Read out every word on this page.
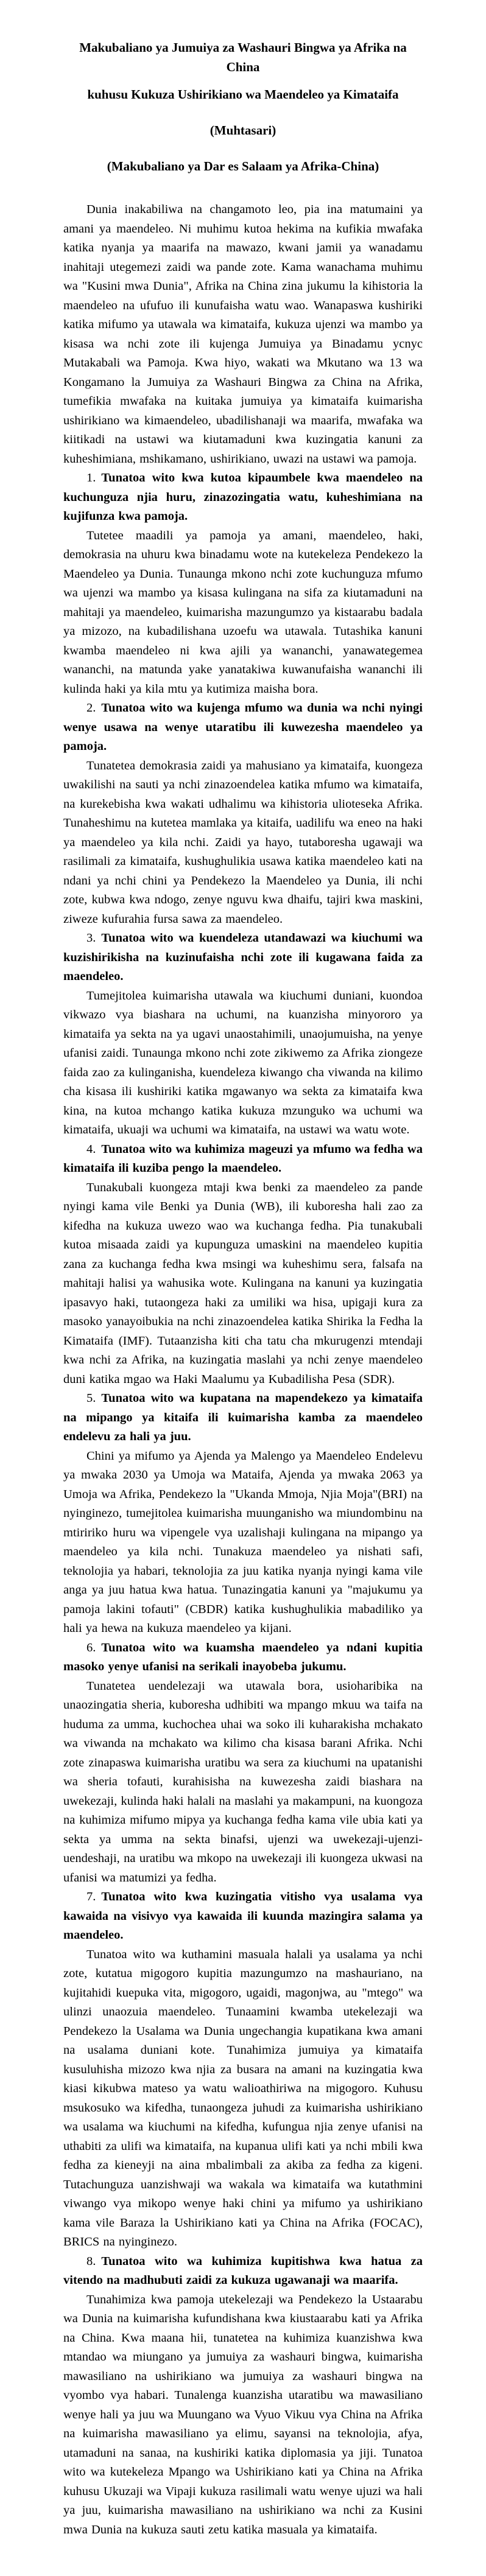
Makubaliano ya Jumuiya za Washauri Bingwa ya Afrika na China
kuhusu Kukuza Ushirikiano wa Maendeleo ya Kimataifa
(Muhtasari)
(Makubaliano ya Dar es Salaam ya Afrika-China)

Dunia inakabiliwa na changamoto leo, pia ina matumaini ya amani ya maendeleo. Ni muhimu kutoa hekima na kufikia mwafaka katika nyanja ya maarifa na mawazo, kwani jamii ya wanadamu inahitaji utegemezi zaidi wa pande zote. Kama wanachama muhimu wa "Kusini mwa Dunia", Afrika na China zina jukumu la kihistoria la maendeleo na ufufuo ili kunufaisha watu wao. Wanapaswa kushiriki katika mifumo ya utawala wa kimataifa, kukuza ujenzi wa mambo ya kisasa wa nchi zote ili kujenga Jumuiya ya Binadamu ycnyc Mutakabali wa Pamoja. Kwa hiyo, wakati wa Mkutano wa 13 wa Kongamano la Jumuiya za Washauri Bingwa za China na Afrika, tumefikia mwafaka na kuitaka jumuiya ya kimataifa kuimarisha ushirikiano wa kimaendeleo, ubadilishanaji wa maarifa, mwafaka wa kiitikadi na ustawi wa kiutamaduni kwa kuzingatia kanuni za kuheshimiana, mshikamano, ushirikiano, uwazi na ustawi wa pamoja.

1. Tunatoa wito kwa kutoa kipaumbele kwa maendeleo na kuchunguza njia huru, zinazozingatia watu, kuheshimiana na kujifunza kwa pamoja.

Tutetee maadili ya pamoja ya amani, maendeleo, haki, demokrasia na uhuru kwa binadamu wote na kutekeleza Pendekezo la Maendeleo ya Dunia. Tunaunga mkono nchi zote kuchunguza mfumo wa ujenzi wa mambo ya kisasa kulingana na sifa za kiutamaduni na mahitaji ya maendeleo, kuimarisha mazungumzo ya kistaarabu badala ya mizozo, na kubadilishana uzoefu wa utawala. Tutashika kanuni kwamba maendeleo ni kwa ajili ya wananchi, yanawategemea wananchi, na matunda yake yanatakiwa kuwanufaisha wananchi ili kulinda haki ya kila mtu ya kutimiza maisha bora.

2. Tunatoa wito wa kujenga mfumo wa dunia wa nchi nyingi wenye usawa na wenye utaratibu ili kuwezesha maendeleo ya pamoja.

Tunatetea demokrasia zaidi ya mahusiano ya kimataifa, kuongeza uwakilishi na sauti ya nchi zinazoendelea katika mfumo wa kimataifa, na kurekebisha kwa wakati udhalimu wa kihistoria ulioteseka Afrika. Tunaheshimu na kutetea mamlaka ya kitaifa, uadilifu wa eneo na haki ya maendeleo ya kila nchi. Zaidi ya hayo, tutaboresha ugawaji wa rasilimali za kimataifa, kushughulikia usawa katika maendeleo kati na ndani ya nchi chini ya Pendekezo la Maendeleo ya Dunia, ili nchi zote, kubwa kwa ndogo, zenye nguvu kwa dhaifu, tajiri kwa maskini, ziweze kufurahia fursa sawa za maendeleo.

3. Tunatoa wito wa kuendeleza utandawazi wa kiuchumi wa kuzishirikisha na kuzinufaisha nchi zote ili kugawana faida za maendeleo.

Tumejitolea kuimarisha utawala wa kiuchumi duniani, kuondoa vikwazo vya biashara na uchumi, na kuanzisha minyororo ya kimataifa ya sekta na ya ugavi unaostahimili, unaojumuisha, na yenye ufanisi zaidi. Tunaunga mkono nchi zote zikiwemo za Afrika ziongeze faida zao za kulinganisha, kuendeleza kiwango cha viwanda na kilimo cha kisasa ili kushiriki katika mgawanyo wa sekta za kimataifa kwa kina, na kutoa mchango katika kukuza mzunguko wa uchumi wa kimataifa, ukuaji wa uchumi wa kimataifa, na ustawi wa watu wote.

4. Tunatoa wito wa kuhimiza mageuzi ya mfumo wa fedha wa kimataifa ili kuziba pengo la maendeleo.

Tunakubali kuongeza mtaji kwa benki za maendeleo za pande nyingi kama vile Benki ya Dunia (WB), ili kuboresha hali zao za kifedha na kukuza uwezo wao wa kuchanga fedha. Pia tunakubali kutoa misaada zaidi ya kupunguza umaskini na maendeleo kupitia zana za kuchanga fedha kwa msingi wa kuheshimu sera, falsafa na mahitaji halisi ya wahusika wote. Kulingana na kanuni ya kuzingatia ipasavyo haki, tutaongeza haki za umiliki wa hisa, upigaji kura za masoko yanayoibukia na nchi zinazoendelea katika Shirika la Fedha la Kimataifa (IMF). Tutaanzisha kiti cha tatu cha mkurugenzi mtendaji kwa nchi za Afrika, na kuzingatia maslahi ya nchi zenye maendeleo duni katika mgao wa Haki Maalumu ya Kubadilisha Pesa (SDR).

5. Tunatoa wito wa kupatana na mapendekezo ya kimataifa na mipango ya kitaifa ili kuimarisha kamba za maendeleo endelevu za hali ya juu.

Chini ya mifumo ya Ajenda ya Malengo ya Maendeleo Endelevu ya mwaka 2030 ya Umoja wa Mataifa, Ajenda ya mwaka 2063 ya Umoja wa Afrika, Pendekezo la "Ukanda Mmoja, Njia Moja"(BRI) na nyinginezo, tumejitolea kuimarisha muunganisho wa miundombinu na mtiririko huru wa vipengele vya uzalishaji kulingana na mipango ya maendeleo ya kila nchi. Tunakuza maendeleo ya nishati safi, teknolojia ya habari, teknolojia za juu katika nyanja nyingi kama vile anga ya juu hatua kwa hatua. Tunazingatia kanuni ya "majukumu ya pamoja lakini tofauti" (CBDR) katika kushughulikia mabadiliko ya hali ya hewa na kukuza maendeleo ya kijani.

6. Tunatoa wito wa kuamsha maendeleo ya ndani kupitia masoko yenye ufanisi na serikali inayobeba jukumu.

Tunatetea uendelezaji wa utawala bora, usioharibika na unaozingatia sheria, kuboresha udhibiti wa mpango mkuu wa taifa na huduma za umma, kuchochea uhai wa soko ili kuharakisha mchakato wa viwanda na mchakato wa kilimo cha kisasa barani Afrika. Nchi zote zinapaswa kuimarisha uratibu wa sera za kiuchumi na upatanishi wa sheria tofauti, kurahisisha na kuwezesha zaidi biashara na uwekezaji, kulinda haki halali na maslahi ya makampuni, na kuongoza na kuhimiza mifumo mipya ya kuchanga fedha kama vile ubia kati ya sekta ya umma na sekta binafsi, ujenzi wa uwekezaji-ujenzi-uendeshaji, na uratibu wa mkopo na uwekezaji ili kuongeza ukwasi na ufanisi wa matumizi ya fedha.

7. Tunatoa wito kwa kuzingatia vitisho vya usalama vya kawaida na visivyo vya kawaida ili kuunda mazingira salama ya maendeleo.

Tunatoa wito wa kuthamini masuala halali ya usalama ya nchi zote, kutatua migogoro kupitia mazungumzo na mashauriano, na kujitahidi kuepuka vita, migogoro, ugaidi, magonjwa, au "mtego" wa ulinzi unaozuia maendeleo. Tunaamini kwamba utekelezaji wa Pendekezo la Usalama wa Dunia ungechangia kupatikana kwa amani na usalama duniani kote. Tunahimiza jumuiya ya kimataifa kusuluhisha mizozo kwa njia za busara na amani na kuzingatia kwa kiasi kikubwa mateso ya watu walioathiriwa na migogoro. Kuhusu msukosuko wa kifedha, tunaongeza juhudi za kuimarisha ushirikiano wa usalama wa kiuchumi na kifedha, kufungua njia zenye ufanisi na uthabiti za ulifi wa kimataifa, na kupanua ulifi kati ya nchi mbili kwa fedha za kieneyji na aina mbalimbali za akiba za fedha za kigeni. Tutachunguza uanzishwaji wa wakala wa kimataifa wa kutathmini viwango vya mikopo wenye haki chini ya mifumo ya ushirikiano kama vile Baraza la Ushirikiano kati ya China na Afrika (FOCAC), BRICS na nyinginezo.

8. Tunatoa wito wa kuhimiza kupitishwa kwa hatua za vitendo na madhubuti zaidi za kukuza ugawanaji wa maarifa.

Tunahimiza kwa pamoja utekelezaji wa Pendekezo la Ustaarabu wa Dunia na kuimarisha kufundishana kwa kiustaarabu kati ya Afrika na China. Kwa maana hii, tunatetea na kuhimiza kuanzishwa kwa mtandao wa miungano ya jumuiya za washauri bingwa, kuimarisha mawasiliano na ushirikiano wa jumuiya za washauri bingwa na vyombo vya habari. Tunalenga kuanzisha utaratibu wa mawasiliano wenye hali ya juu wa Muungano wa Vyuo Vikuu vya China na Afrika na kuimarisha mawasiliano ya elimu, sayansi na teknolojia, afya, utamaduni na sanaa, na kushiriki katika diplomasia ya jiji. Tunatoa wito wa kutekeleza Mpango wa Ushirikiano kati ya China na Afrika kuhusu Ukuzaji wa Vipaji kukuza rasilimali watu wenye ujuzi wa hali ya juu, kuimarisha mawasiliano na ushirikiano wa nchi za Kusini mwa Dunia na kukuza sauti zetu katika masuala ya kimataifa.
